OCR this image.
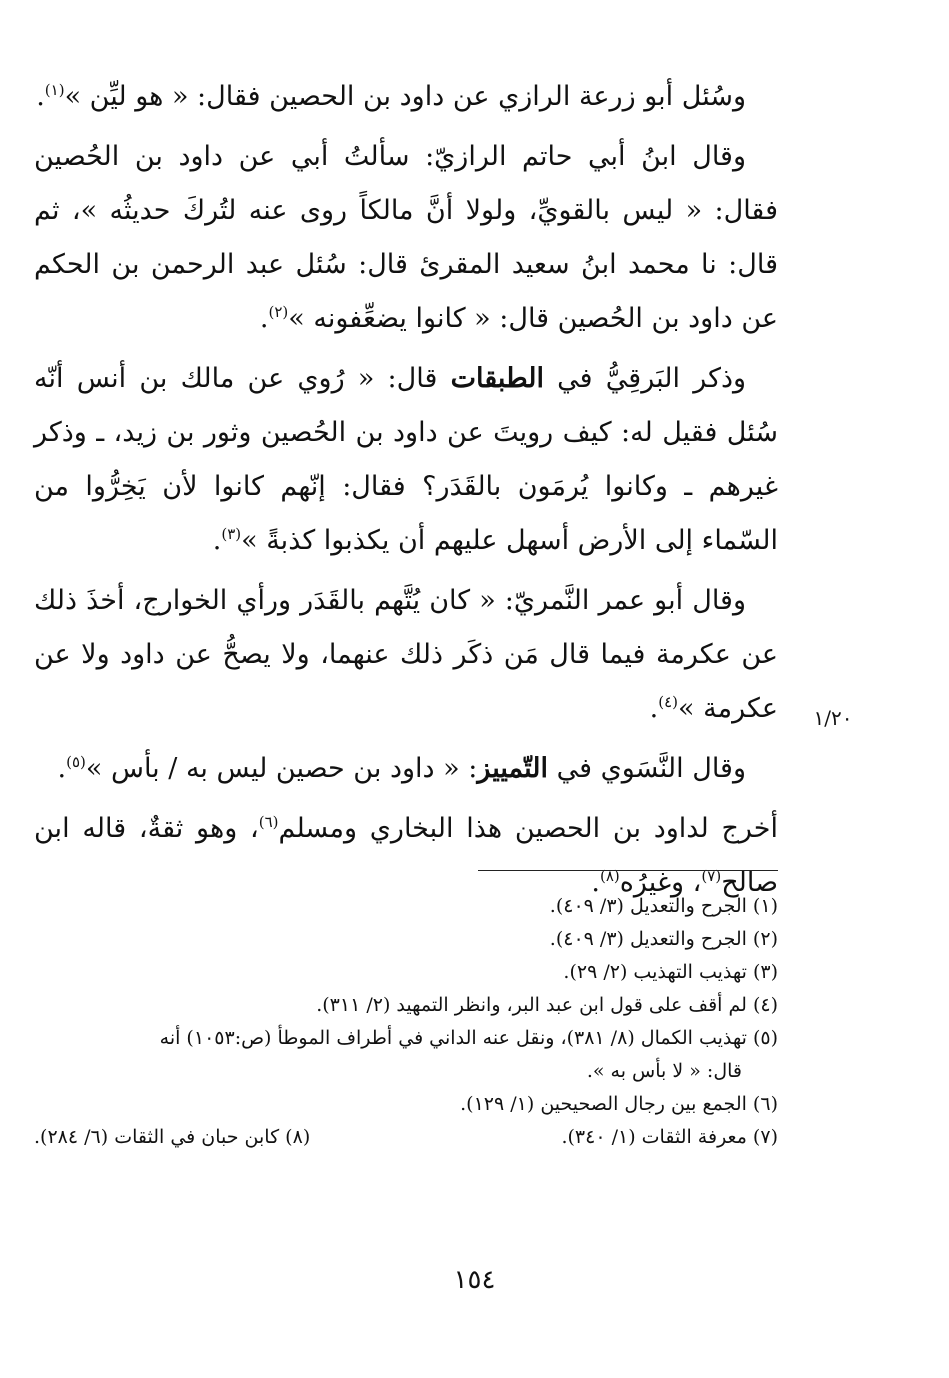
وسُئل أبو زرعة الرازي عن داود بن الحصين فقال: « هو ليِّن »$^{(١)}$.

وقال ابنُ أبي حاتم الرازيّ: سألتُ أبي عن داود بن الحُصين فقال: « ليس بالقويِّ، ولولا أنَّ مالكاً روى عنه لتُركَ حديثُه »، ثم قال: نا محمد ابنُ سعيد المقرئ قال: سُئل عبد الرحمن بن الحكم عن داود بن الحُصين قال: « كانوا يضعِّفونه »$^{(٢)}$.

وذكر البَرقِيُّ في الطبقات قال: « رُوي عن مالك بن أنس أنّه سُئل فقيل له: كيف رويتَ عن داود بن الحُصين وثور بن زيد، ـ وذكر غيرهم ـ وكانوا يُرمَون بالقَدَر؟ فقال: إنّهم كانوا لأن يَخِرُّوا من السّماء إلى الأرض أسهل عليهم أن يكذبوا كذبةً »$^{(٣)}$.

وقال أبو عمر النَّمريّ: « كان يُتَّهم بالقَدَر ورأي الخوارج، أخذَ ذلك عن عكرمة فيما قال مَن ذكَر ذلك عنهما، ولا يصحُّ عن داود ولا عن عكرمة »$^{(٤)}$.

وقال النَّسَوي في التّمييز: « داود بن حصين ليس به / بأس »$^{(٥)}$.

أخرج لداود بن الحصين هذا البخاري ومسلم$^{(٦)}$، وهو ثقةٌ، قاله ابن صالح$^{(٧)}$، وغيرُه$^{(٨)}$.

١/٢٠
(١) الجرح والتعديل (٣/ ٤٠٩).
(٢) الجرح والتعديل (٣/ ٤٠٩).
(٣) تهذيب التهذيب (٢/ ٢٩).
(٤) لم أقف على قول ابن عبد البر، وانظر التمهيد (٢/ ٣١١).
(٥) تهذيب الكمال (٨/ ٣٨١)، ونقل عنه الداني في أطراف الموطأ (ص:١٠٥٣) أنه
قال: « لا بأس به ».
(٦) الجمع بين رجال الصحيحين (١/ ١٢٩).
(٧) معرفة الثقات (١/ ٣٤٠).
(٨) كابن حبان في الثقات (٦/ ٢٨٤).
١٥٤
